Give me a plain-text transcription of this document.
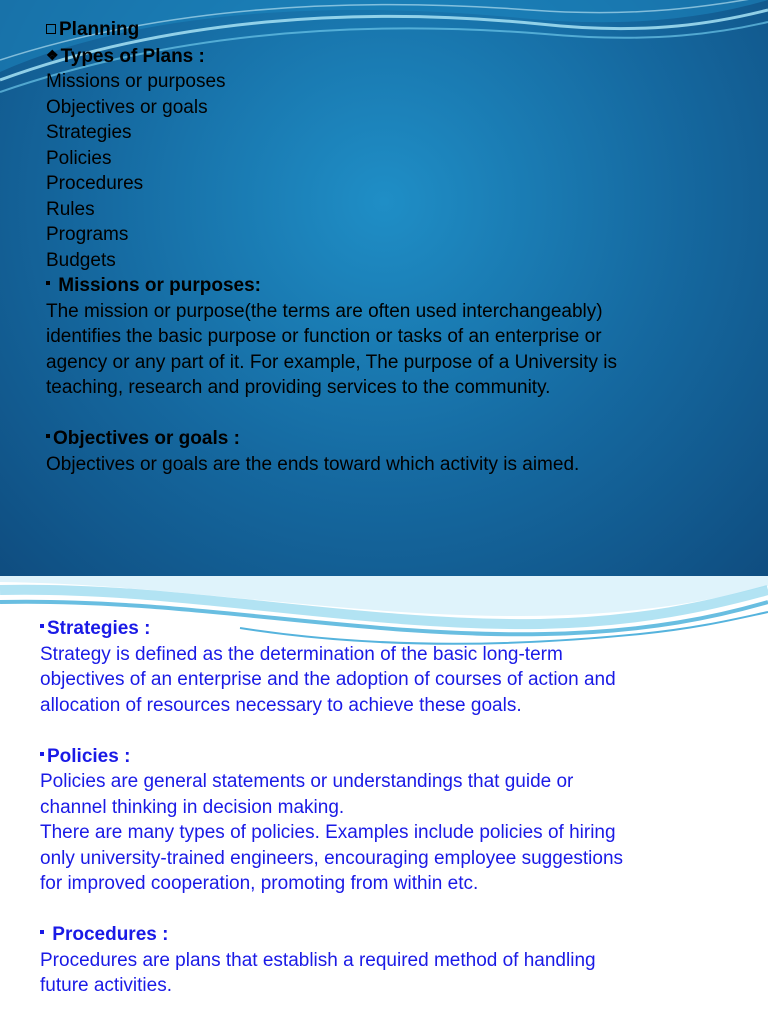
Planning
❖ Types of Plans :
Missions or purposes
Objectives or goals
Strategies
Policies
Procedures
Rules
Programs
Budgets
Missions or purposes:
The mission or purpose(the terms are often used interchangeably)
identifies the basic purpose or function or tasks of an enterprise or
agency or any part of it. For example, The purpose of a University is
teaching, research and providing services to the community.
Objectives or goals :
Objectives or goals are the ends toward which activity is aimed.
Strategies :
Strategy is defined as the determination of the basic long-term
objectives of an enterprise and the adoption of courses of action and
allocation of resources necessary to achieve these goals.
Policies :
Policies are general statements or understandings that guide or
channel thinking in decision making.
There are many types of policies. Examples include policies of hiring
only university-trained engineers, encouraging employee suggestions
for improved cooperation, promoting from within etc.
Procedures :
Procedures are plans that establish a required method of handling
future activities.
